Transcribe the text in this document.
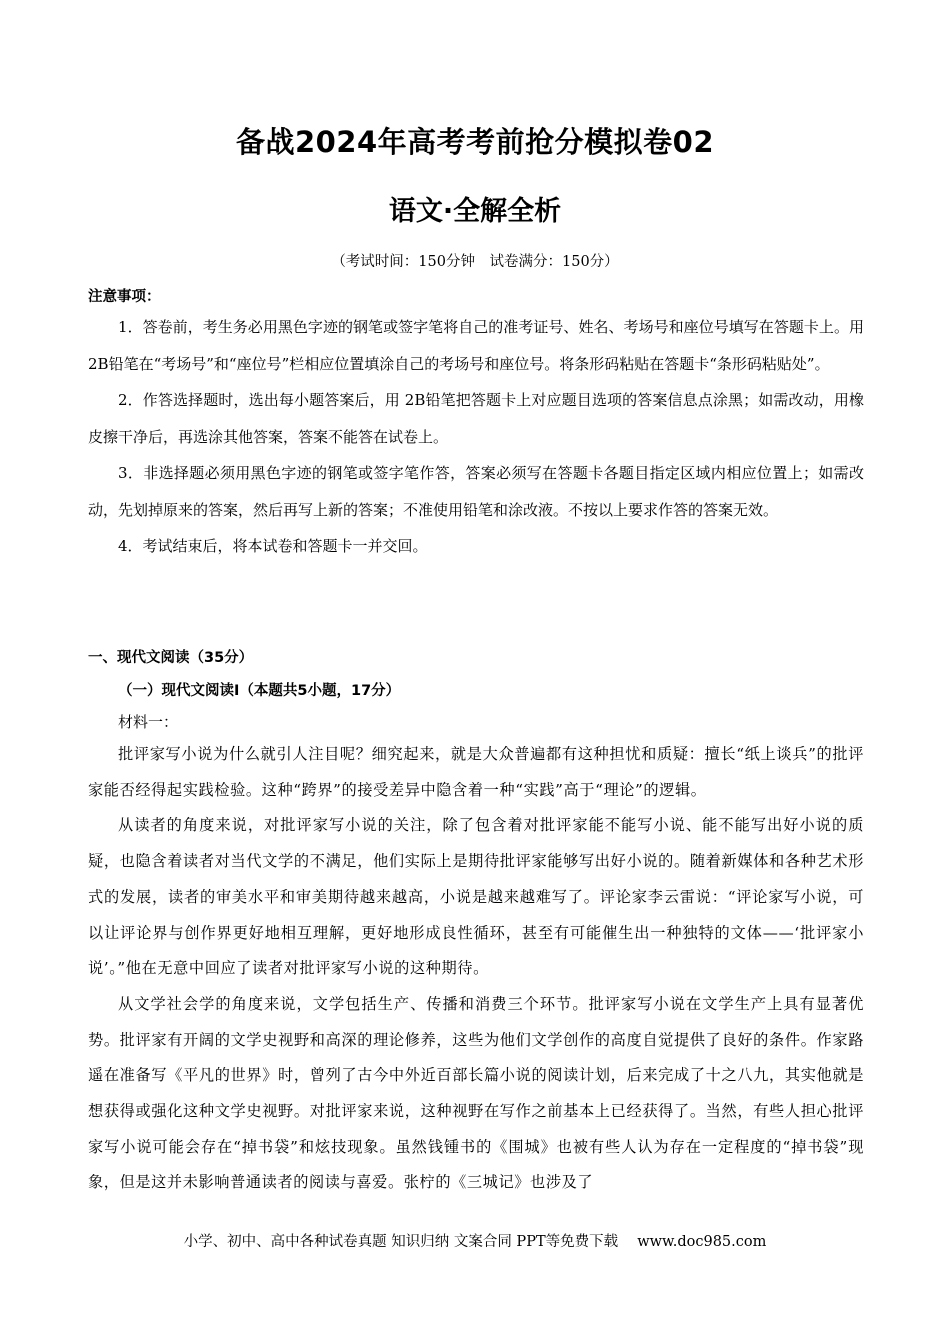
备战2024年高考考前抢分模拟卷02
语文·全解全析
（考试时间：150分钟　试卷满分：150分）
注意事项：

1．答卷前，考生务必用黑色字迹的钢笔或签字笔将自己的准考证号、姓名、考场号和座位号填写在答题卡上。用 2B铅笔在“考场号”和“座位号”栏相应位置填涂自己的考场号和座位号。将条形码粘贴在答题卡“条形码粘贴处”。

2．作答选择题时，选出每小题答案后，用 2B铅笔把答题卡上对应题目选项的答案信息点涂黑；如需改动，用橡皮擦干净后，再选涂其他答案，答案不能答在试卷上。

3．非选择题必须用黑色字迹的钢笔或签字笔作答，答案必须写在答题卡各题目指定区域内相应位置上；如需改动，先划掉原来的答案，然后再写上新的答案；不准使用铅笔和涂改液。不按以上要求作答的答案无效。

4．考试结束后，将本试卷和答题卡一并交回。

一、现代文阅读（35分）
（一）现代文阅读Ⅰ（本题共5小题，17分）
材料一：

批评家写小说为什么就引人注目呢？细究起来，就是大众普遍都有这种担忧和质疑：擅长“纸上谈兵”的批评家能否经得起实践检验。这种“跨界”的接受差异中隐含着一种“实践”高于“理论”的逻辑。

从读者的角度来说，对批评家写小说的关注，除了包含着对批评家能不能写小说、能不能写出好小说的质疑，也隐含着读者对当代文学的不满足，他们实际上是期待批评家能够写出好小说的。随着新媒体和各种艺术形式的发展，读者的审美水平和审美期待越来越高，小说是越来越难写了。评论家李云雷说：“评论家写小说，可以让评论界与创作界更好地相互理解，更好地形成良性循环，甚至有可能催生出一种独特的文体——‘批评家小说’。”他在无意中回应了读者对批评家写小说的这种期待。

从文学社会学的角度来说，文学包括生产、传播和消费三个环节。批评家写小说在文学生产上具有显著优势。批评家有开阔的文学史视野和高深的理论修养，这些为他们文学创作的高度自觉提供了良好的条件。作家路遥在准备写《平凡的世界》时，曾列了古今中外近百部长篇小说的阅读计划，后来完成了十之八九，其实他就是想获得或强化这种文学史视野。对批评家来说，这种视野在写作之前基本上已经获得了。当然，有些人担心批评家写小说可能会存在“掉书袋”和炫技现象。虽然钱锺书的《围城》也被有些人认为存在一定程度的“掉书袋”现象，但是这并未影响普通读者的阅读与喜爱。张柠的《三城记》也涉及了

小学、初中、高中各种试卷真题 知识归纳 文案合同 PPT等免费下载　 www.doc985.com
